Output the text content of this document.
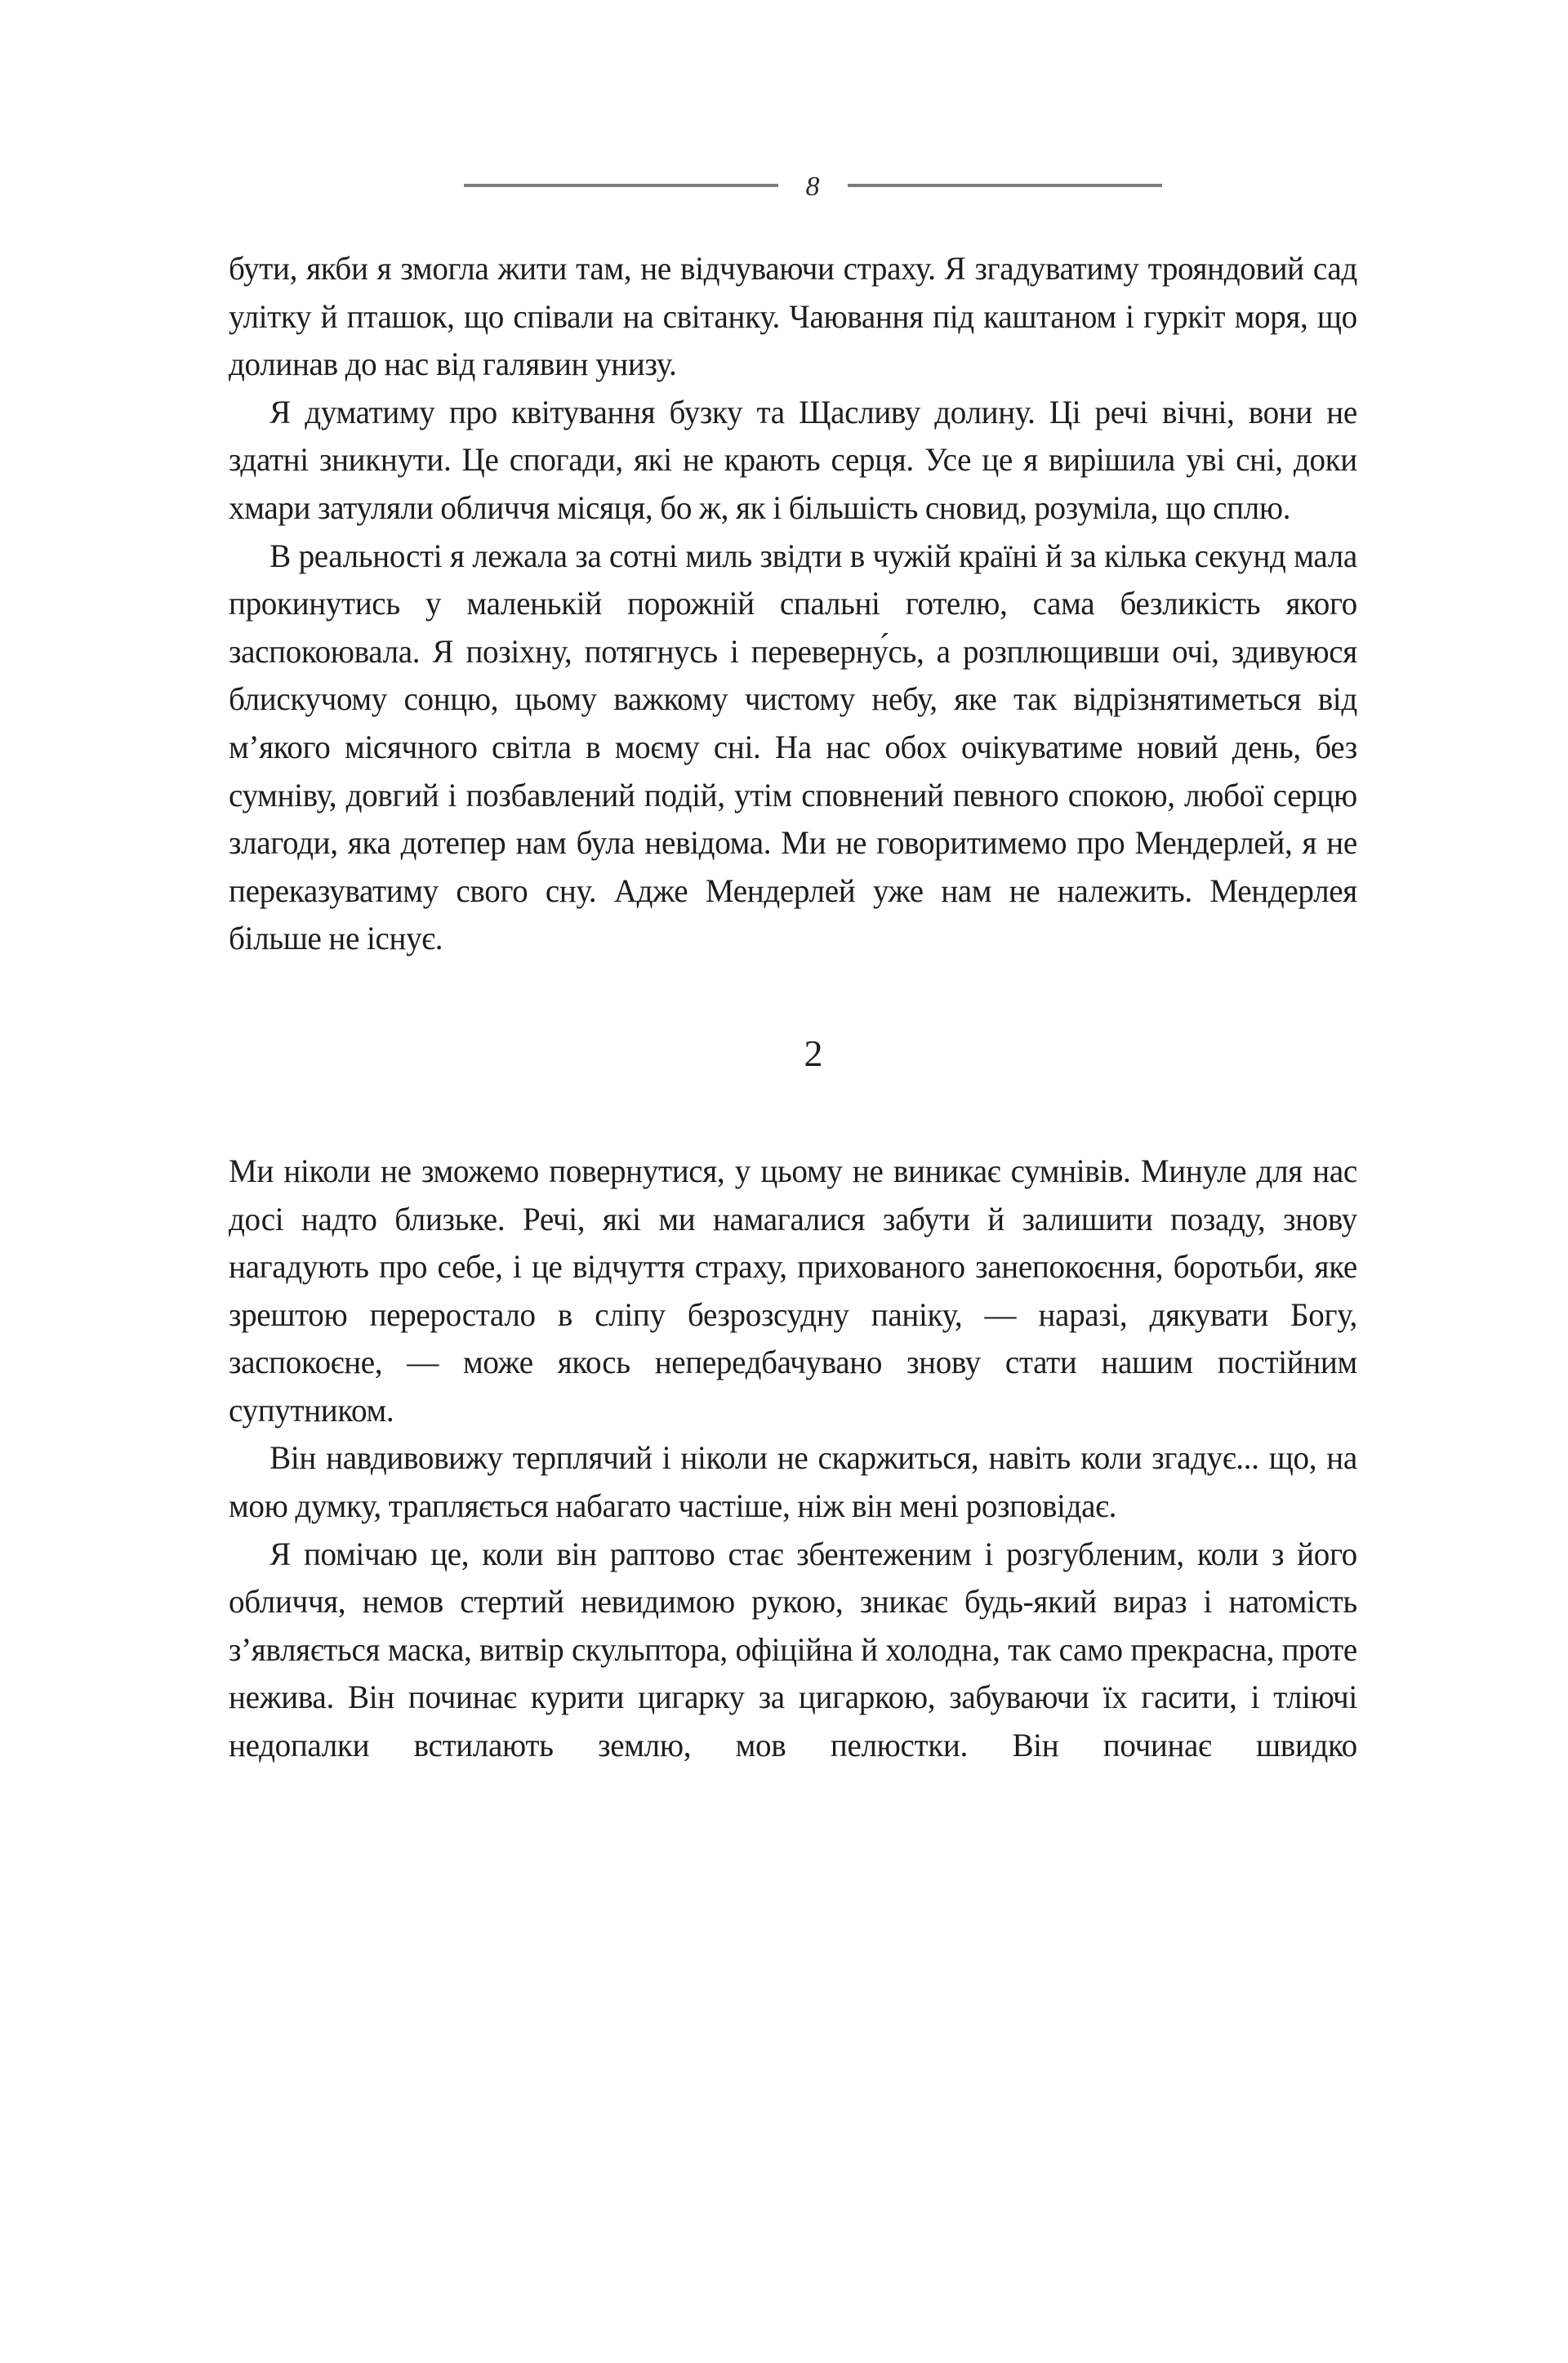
8

бути, якби я змогла жити там, не відчуваючи страху. Я згадуватиму трояндовий сад улітку й пташок, що співали на світанку. Чаювання під каштаном і гуркіт моря, що долинав до нас від галявин унизу.

Я думатиму про квітування бузку та Щасливу долину. Ці речі вічні, вони не здатні зникнути. Це спогади, які не крають серця. Усе це я вирішила уві сні, доки хмари затуляли обличчя місяця, бо ж, як і більшість сновид, розуміла, що сплю.

В реальності я лежала за сотні миль звідти в чужій країні й за кілька секунд мала прокинутись у маленькій порожній спальні готелю, сама безликість якого заспокоювала. Я позіхну, потягнусь і переверну́сь, а розплющивши очі, здивуюся блискучому сонцю, цьому важкому чистому небу, яке так відрізнятиметься від м’якого місячного світла в моєму сні. На нас обох очікуватиме новий день, без сумніву, довгий і позбавлений подій, утім сповнений певного спокою, любої серцю злагоди, яка дотепер нам була невідома. Ми не говоритимемо про Мендерлей, я не переказуватиму свого сну. Адже Мендерлей уже нам не належить. Мендерлея більше не існує.

2

Ми ніколи не зможемо повернутися, у цьому не виникає сумнівів. Минуле для нас досі надто близьке. Речі, які ми намагалися забути й залишити позаду, знову нагадують про себе, і це відчуття страху, прихованого занепокоєння, боротьби, яке зрештою переростало в сліпу безрозсудну паніку, — наразі, дякувати Богу, заспокоєне, — може якось непередбачувано знову стати нашим постійним супутником.

Він навдивовижу терплячий і ніколи не скаржиться, навіть коли згадує... що, на мою думку, трапляється набагато частіше, ніж він мені розповідає.

Я помічаю це, коли він раптово стає збентеженим і розгубленим, коли з його обличчя, немов стертий невидимою рукою, зникає будь-який вираз і натомість з’являється маска, витвір скульптора, офіційна й холодна, так само прекрасна, проте нежива. Він починає курити цигарку за цигаркою, забуваючи їх гасити, і тліючі недопалки встилають землю, мов пелюстки. Він починає швидко
